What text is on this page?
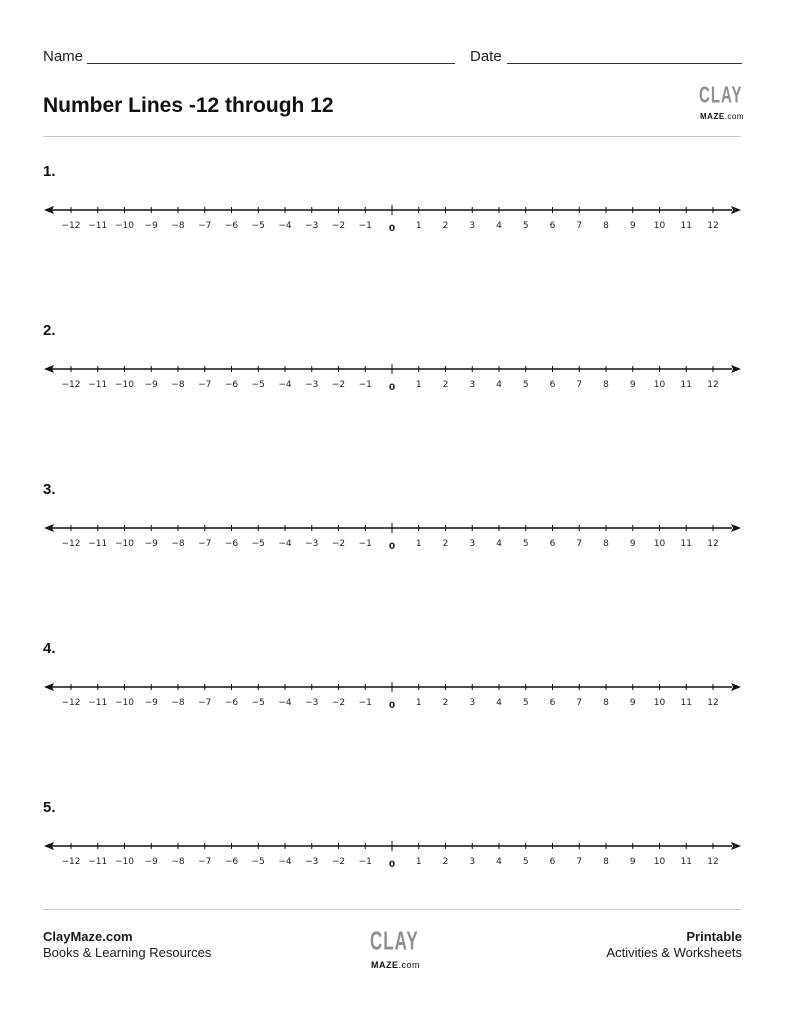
Name	Date
Number Lines -12 through 12	CLAY
MAZE.com
1.
−12 −11 −10 −9 −8 −7 −6 −5 −4 −3 −2 −1 0 1 2 3 4 5 6 7 8 9 10 11 12
2.
−12 −11 −10 −9 −8 −7 −6 −5 −4 −3 −2 −1 0 1 2 3 4 5 6 7 8 9 10 11 12
3.
−12 −11 −10 −9 −8 −7 −6 −5 −4 −3 −2 −1 0 1 2 3 4 5 6 7 8 9 10 11 12
4.
−12 −11 −10 −9 −8 −7 −6 −5 −4 −3 −2 −1 0 1 2 3 4 5 6 7 8 9 10 11 12
5.
−12 −11 −10 −9 −8 −7 −6 −5 −4 −3 −2 −1 0 1 2 3 4 5 6 7 8 9 10 11 12
ClayMaze.com
Books & Learning Resources	CLAY
MAZE.com
Printable
Activities & Worksheets
